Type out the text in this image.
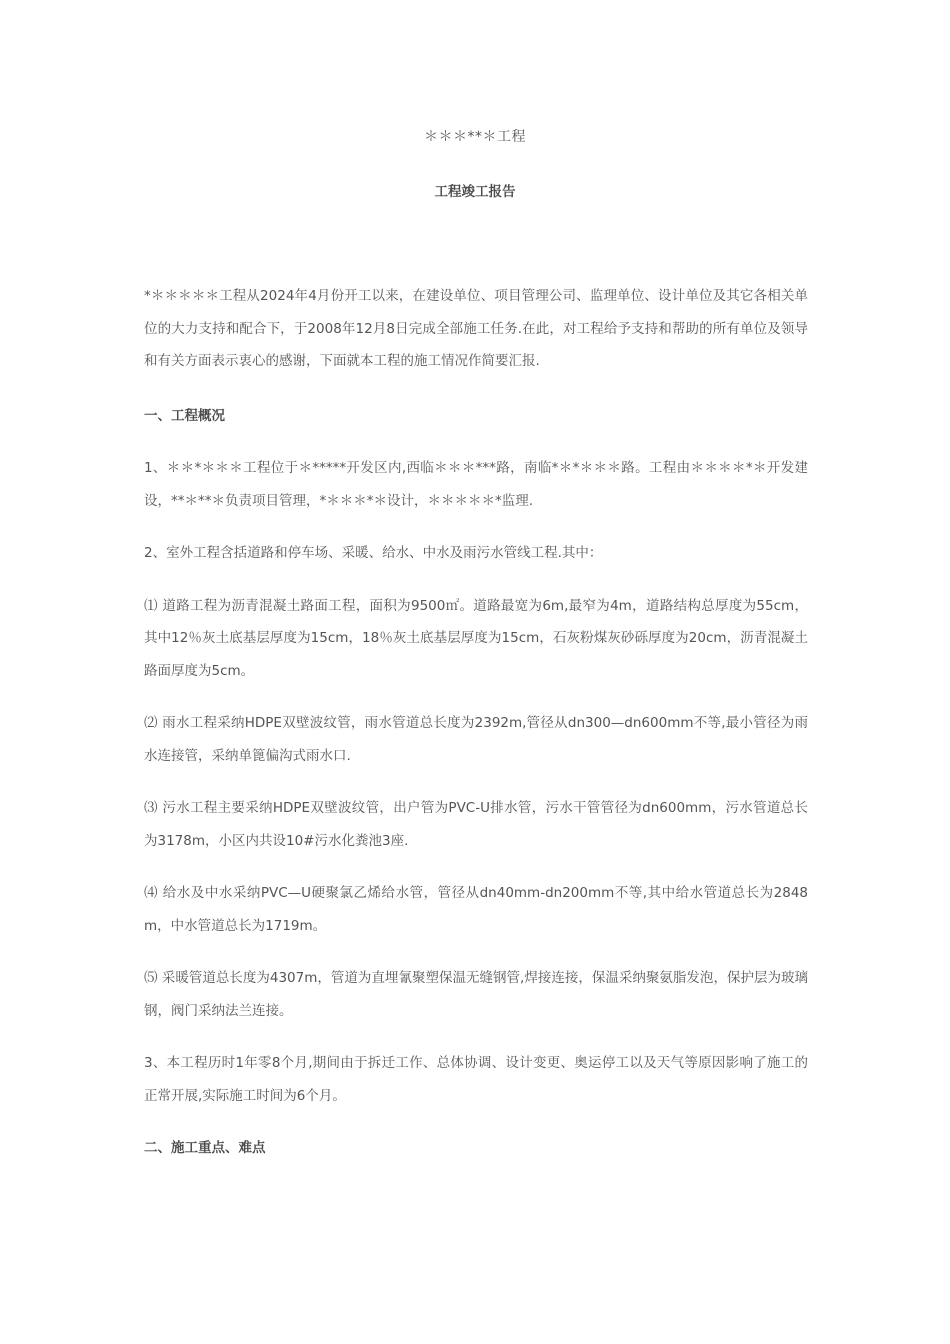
＊＊＊**＊工程
工程竣工报告

*＊＊＊＊＊工程从2024年4月份开工以来，在建设单位、项目管理公司、监理单位、设计单位及其它各相关单位的大力支持和配合下，于2008年12月8日完成全部施工任务.在此，对工程给予支持和帮助的所有单位及领导和有关方面表示衷心的感谢，下面就本工程的施工情况作简要汇报.

一、工程概况

1、＊＊*＊＊＊工程位于＊*****开发区内,西临＊＊＊***路，南临*＊*＊＊＊路。工程由＊＊＊＊*＊开发建设，**＊**＊负责项目管理，*＊＊＊*＊设计，＊＊＊＊＊*监理.

2、室外工程含括道路和停车场、采暖、给水、中水及雨污水管线工程.其中：

⑴ 道路工程为沥青混凝土路面工程，面积为9500㎡。道路最宽为6m,最窄为4m，道路结构总厚度为55cm，其中12％灰土底基层厚度为15cm，18％灰土底基层厚度为15cm，石灰粉煤灰砂砾厚度为20cm，沥青混凝土路面厚度为5cm。

⑵ 雨水工程采纳HDPE双壁波纹管，雨水管道总长度为2392m,管径从dn300—dn600mm不等,最小管径为雨水连接管，采纳单篦偏沟式雨水口.

⑶ 污水工程主要采纳HDPE双壁波纹管，出户管为PVC-U排水管，污水干管管径为dn600mm，污水管道总长为3178m，小区内共设10#污水化粪池3座.

⑷ 给水及中水采纳PVC—U硬聚氯乙烯给水管，管径从dn40mm-dn200mm不等,其中给水管道总长为2848m，中水管道总长为1719m。

⑸ 采暖管道总长度为4307m，管道为直埋氰聚塑保温无缝钢管,焊接连接，保温采纳聚氨脂发泡，保护层为玻璃钢，阀门采纳法兰连接。

3、本工程历时1年零8个月,期间由于拆迁工作、总体协调、设计变更、奥运停工以及天气等原因影响了施工的正常开展,实际施工时间为6个月。

二、施工重点、难点
